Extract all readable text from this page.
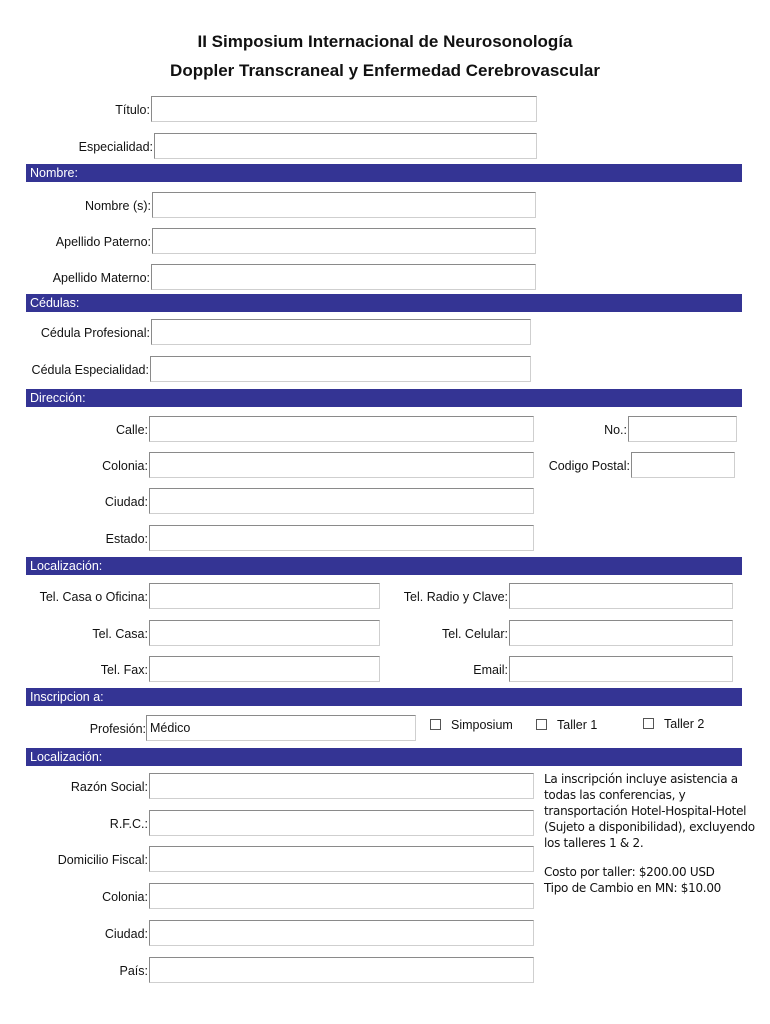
II Simposium Internacional de Neurosonología
Doppler Transcraneal y Enfermedad Cerebrovascular
Título:
Especialidad:
Nombre:
Nombre (s):
Apellido Paterno:
Apellido Materno:
Cédulas:
Cédula Profesional:
Cédula Especialidad:
Dirección:
Calle:	No.:
Colonia:	Codigo Postal:
Ciudad:
Estado:
Localización:
Tel. Casa o Oficina:	Tel. Radio y Clave:
Tel. Casa:	Tel. Celular:
Tel. Fax:	Email:
Inscripcion a:
Profesión: Médico	Simposium	Taller 1	Taller 2
Localización:
Razón Social:
R.F.C.:
Domicilio Fiscal:
Colonia:
Ciudad:
País:
La inscripción incluye asistencia a
todas las conferencias, y
transportación Hotel-Hospital-Hotel
(Sujeto a disponibilidad), excluyendo
los talleres 1 & 2.
Costo por taller: $200.00 USD
Tipo de Cambio en MN: $10.00
